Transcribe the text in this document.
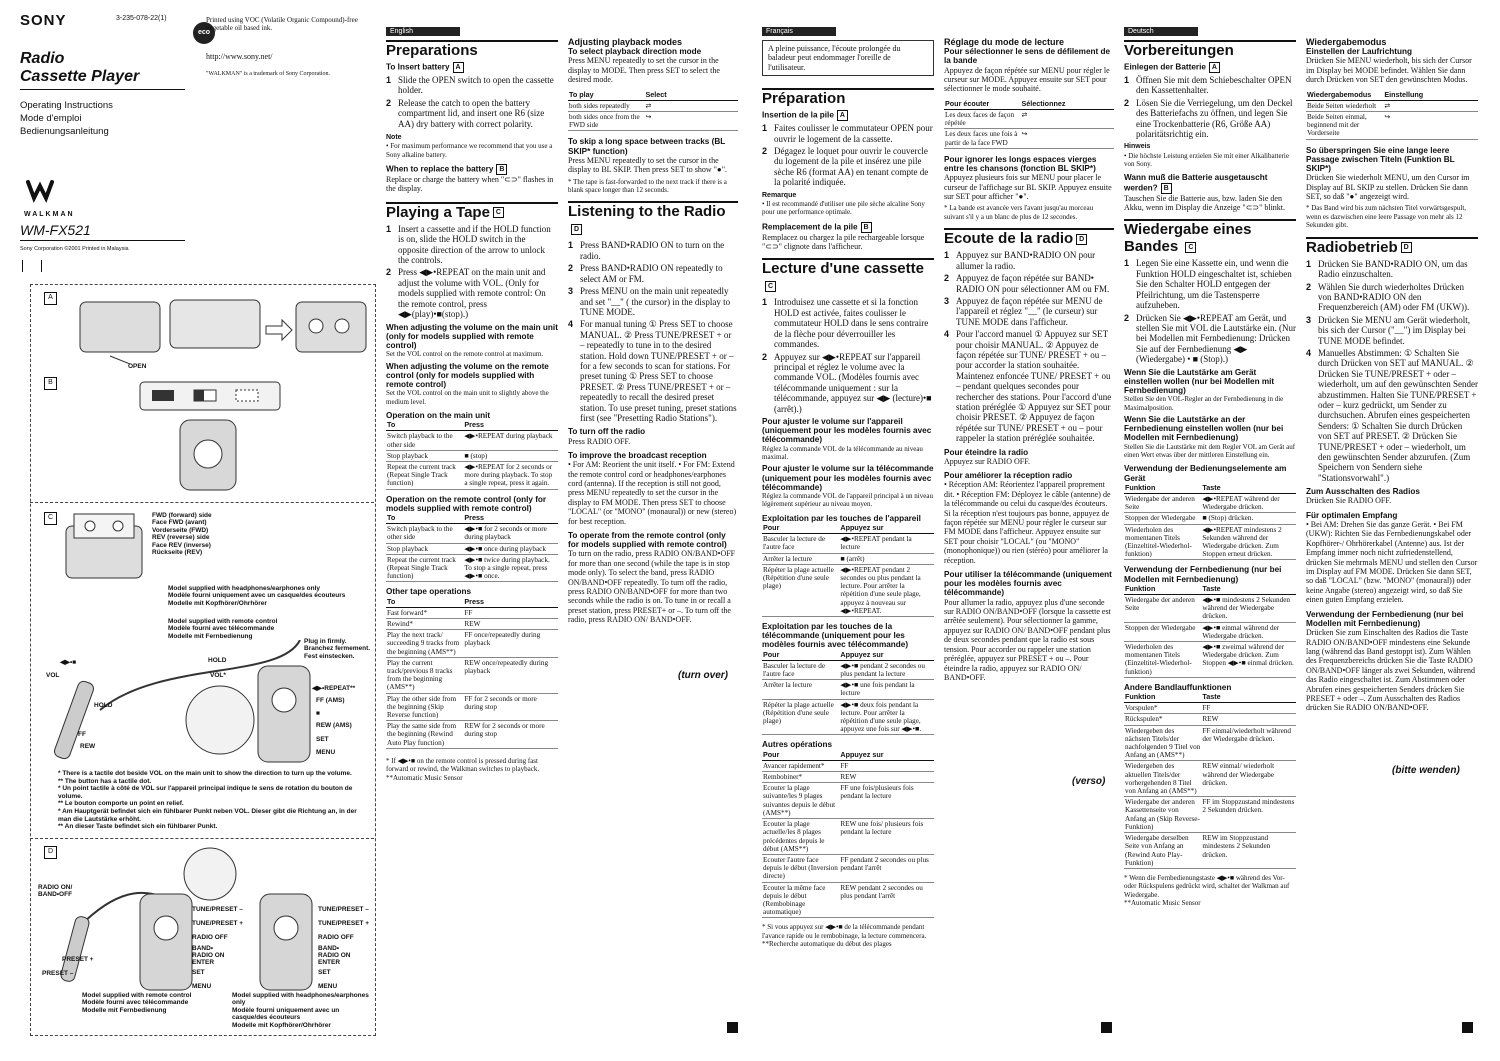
SONY	3-235-078-22(1)
eco
Printed using VOC (Volatile Organic Compound)-free vegetable oil based ink.
http://www.sony.net/
"WALKMAN" is a trademark of Sony Corporation.
Radio
Cassette Player
Operating Instructions
Mode d'emploi
Bedienungsanleitung
WALKMAN
WM-FX521
Sony Corporation ©2001 Printed in Malaysia
A
OPEN
B
C	FWD (forward) side
Face FWD (avant)
Vorderseite (FWD)
REV (reverse) side
Face REV (inverse)
Rückseite (REV)
Model supplied with headphones/earphones only
Modèle fourni uniquement avec un casque/des écouteurs
Modelle mit Kopfhörer/Ohrhörer
Model supplied with remote control
Modèle fourni avec télécommande
Modelle mit Fernbedienung
Plug in firmly.
Branchez fermement.
Fest einstecken.
HOLD
VOL*
VOL
HOLD
FF
REW
◀▶•REPEAT**
FF (AMS)
■
REW (AMS)
SET
MENU
◀▶•■
* There is a tactile dot beside VOL on the main unit to show the direction to turn up the volume.
** The button has a tactile dot.
* Un point tactile à côté de VOL sur l'appareil principal indique le sens de rotation du bouton de volume.
** Le bouton comporte un point en relief.
* Am Hauptgerät befindet sich ein fühlbarer Punkt neben VOL. Dieser gibt die Richtung an, in der man die Lautstärke erhöht.
** An dieser Taste befindet sich ein fühlbarer Punkt.
D
RADIO ON/ BAND•OFF
PRESET +
PRESET –
TUNE/PRESET –
TUNE/PRESET +
RADIO OFF
BAND• RADIO ON ENTER
SET
MENU
TUNE/PRESET –
TUNE/PRESET +
RADIO OFF
BAND• RADIO ON ENTER
SET
MENU
Model supplied with remote control
Modèle fourni avec télécommande
Modelle mit Fernbedienung
Model supplied with headphones/earphones only
Modèle fourni uniquement avec un casque/des écouteurs
Modelle mit Kopfhörer/Ohrhörer
English
Preparations
To Insert battery A
1 Slide the OPEN switch to open the cassette holder.
2 Release the catch to open the battery compartment lid, and insert one R6 (size AA) dry battery with correct polarity.
Note
• For maximum performance we recommend that you use a Sony alkaline battery.
When to replace the battery B
Replace or charge the battery when "⊂⊃" flashes in the display.
Playing a Tape C
1 Insert a cassette and if the HOLD function is on, slide the HOLD switch in the opposite direction of the arrow to unlock the controls.
2 Press ◀▶•REPEAT on the main unit and adjust the volume with VOL. (Only for models supplied with remote control: On the remote control, press ◀▶(play)•■(stop).)
When adjusting the volume on the main unit (only for models supplied with remote control)
Set the VOL control on the remote control at maximum.
When adjusting the volume on the remote control (only for models supplied with remote control)
Set the VOL control on the main unit to slightly above the medium level.
Operation on the main unit
To	Press
Switch playback to the other side	◀▶•REPEAT during playback
Stop playback	■ (stop)
Repeat the current track (Repeat Single Track function)	◀▶•REPEAT for 2 seconds or more during playback. To stop a single repeat, press it again.
Operation on the remote control (only for models supplied with remote control)
To	Press
Switch playback to the other side	◀▶•■ for 2 seconds or more during playback
Stop playback	◀▶•■ once during playback
Repeat the current track (Repeat Single Track function)	◀▶•■ twice during playback. To stop a single repeat, press ◀▶•■ once.
Other tape operations
To	Press
Fast forward*	FF
Rewind*	REW
Play the next track/ succeeding 9 tracks from the beginning (AMS**)	FF once/repeatedly during playback
Play the current track/previous 8 tracks from the beginning (AMS**)	REW once/repeatedly during playback
Play the other side from the beginning (Skip Reverse function)	FF for 2 seconds or more during stop
Play the same side from the beginning (Rewind Auto Play function)	REW for 2 seconds or more during stop
* If ◀▶•■ on the remote control is pressed during fast forward or rewind, the Walkman switches to playback.
**Automatic Music Sensor
Adjusting playback modes
To select playback direction mode
Press MENU repeatedly to set the cursor in the display to MODE. Then press SET to select the desired mode.
To play	Select
both sides repeatedly	⇄
both sides once from the FWD side	↪
To skip a long space between tracks (BL SKIP* function)
Press MENU repeatedly to set the cursor in the display to BL SKIP. Then press SET to show "●".
* The tape is fast-forwarded to the next track if there is a blank space longer than 12 seconds.
Listening to the RadioD
1 Press BAND•RADIO ON to turn on the radio.
2 Press BAND•RADIO ON repeatedly to select AM or FM.
3 Press MENU on the main unit repeatedly and set "__" ( the cursor) in the display to TUNE MODE.
4 For manual tuning ① Press SET to choose MANUAL. ② Press TUNE/PRESET + or – repeatedly to tune in to the desired station. Hold down TUNE/PRESET + or – for a few seconds to scan for stations. For preset tuning ① Press SET to choose PRESET. ② Press TUNE/PRESET + or – repeatedly to recall the desired preset station. To use preset tuning, preset stations first (see "Presetting Radio Stations").
To turn off the radio
Press RADIO OFF.
To improve the broadcast reception
• For AM: Reorient the unit itself. • For FM: Extend the remote control cord or headphones/earphones cord (antenna). If the reception is still not good, press MENU repeatedly to set the cursor in the display to FM MODE. Then press SET to choose "LOCAL" (or "MONO" (monaural)) or new (stereo) for best reception.
To operate from the remote control (only for models supplied with remote control)
To turn on the radio, press RADIO ON/BAND•OFF for more than one second (while the tape is in stop mode only). To select the band, press RADIO ON/BAND•OFF repeatedly. To turn off the radio, press RADIO ON/BAND•OFF for more than two seconds while the radio is on. To tune in or recall a preset station, press PRESET+ or –. To turn off the radio, press RADIO ON/ BAND•OFF.
(turn over)
Français
A pleine puissance, l'écoute prolongée du baladeur peut endommager l'oreille de l'utilisateur.
Préparation
Insertion de la pile A
1 Faites coulisser le commutateur OPEN pour ouvrir le logement de la cassette.
2 Dégagez le loquet pour ouvrir le couvercle du logement de la pile et insérez une pile sèche R6 (format AA) en tenant compte de la polarité indiquée.
Remarque
• Il est recommandé d'utiliser une pile sèche alcaline Sony pour une performance optimale.
Remplacement de la pile B
Remplacez ou chargez la pile rechargeable lorsque "⊂⊃" clignote dans l'afficheur.
Lecture d'une cassetteC
1 Introduisez une cassette et si la fonction HOLD est activée, faites coulisser le commutateur HOLD dans le sens contraire de la flèche pour déverrouiller les commandes.
2 Appuyez sur ◀▶•REPEAT sur l'appareil principal et réglez le volume avec la commande VOL. (Modèles fournis avec télécommande uniquement : sur la télécommande, appuyez sur ◀▶ (lecture)•■ (arrêt).)
Pour ajuster le volume sur l'appareil (uniquement pour les modèles fournis avec télécommande)
Réglez la commande VOL de la télécommande au niveau maximal.
Pour ajuster le volume sur la télécommande (uniquement pour les modèles fournis avec télécommande)
Réglez la commande VOL de l'appareil principal à un niveau légèrement supérieur au niveau moyen.
Exploitation par les touches de l'appareil
Pour	Appuyez sur
Basculer la lecture de l'autre face	◀▶•REPEAT pendant la lecture
Arrêter la lecture	■ (arrêt)
Répéter la plage actuelle (Répétition d'une seule plage)	◀▶•REPEAT pendant 2 secondes ou plus pendant la lecture. Pour arrêter la répétition d'une seule plage, appuyez à nouveau sur ◀▶•REPEAT.
Exploitation par les touches de la télécommande (uniquement pour les modèles fournis avec télécommande)
Pour	Appuyez sur
Basculer la lecture de l'autre face	◀▶•■ pendant 2 secondes ou plus pendant la lecture
Arrêter la lecture	◀▶•■ une fois pendant la lecture
Répéter la plage actuelle (Répétition d'une seule plage)	◀▶•■ deux fois pendant la lecture. Pour arrêter la répétition d'une seule plage, appuyez une fois sur ◀▶•■.
Autres opérations
Pour	Appuyez sur
Avancer rapidement*	FF
Rembobiner*	REW
Ecouter la plage suivante/les 9 plages suivantes depuis le début (AMS**)	FF une fois/plusieurs fois pendant la lecture
Ecouter la plage actuelle/les 8 plages précédentes depuis le début (AMS**)	REW une fois/ plusieurs fois pendant la lecture
Ecouter l'autre face depuis le début (Inversion directe)	FF pendant 2 secondes ou plus pendant l'arrêt
Ecouter la même face depuis le début (Rembobinage automatique)	REW pendant 2 secondes ou plus pendant l'arrêt
* Si vous appuyez sur ◀▶•■ de la télécommande pendant l'avance rapide ou le rembobinage, la lecture commencera.
**Recherche automatique du début des plages
Réglage du mode de lecture
Pour sélectionner le sens de défilement de la bande
Appuyez de façon répétée sur MENU pour régler le curseur sur MODE. Appuyez ensuite sur SET pour sélectionner le mode souhaité.
Pour écouter	Sélectionnez
Les deux faces de façon répétée	⇄
Les deux faces une fois à partir de la face FWD	↪
Pour ignorer les longs espaces vierges entre les chansons (fonction BL SKIP*)
Appuyez plusieurs fois sur MENU pour placer le curseur de l'affichage sur BL SKIP. Appuyez ensuite sur SET pour afficher "●".
* La bande est avancée vers l'avant jusqu'au morceau suivant s'il y a un blanc de plus de 12 secondes.
Ecoute de la radio D
1 Appuyez sur BAND•RADIO ON pour allumer la radio.
2 Appuyez de façon répétée sur BAND• RADIO ON pour sélectionner AM ou FM.
3 Appuyez de façon répétée sur MENU de l'appareil et réglez "__" (le curseur) sur TUNE MODE dans l'afficheur.
4 Pour l'accord manuel ① Appuyez sur SET pour choisir MANUAL. ② Appuyez de façon répétée sur TUNE/ PRESET + ou – pour accorder la station souhaitée. Maintenez enfoncée TUNE/ PRESET + ou – pendant quelques secondes pour rechercher des stations. Pour l'accord d'une station préréglée ① Appuyez sur SET pour choisir PRESET. ② Appuyez de façon répétée sur TUNE/ PRESET + ou – pour rappeler la station préréglée souhaitée.
Pour éteindre la radio
Appuyez sur RADIO OFF.
Pour améliorer la réception radio
• Réception AM: Réorientez l'appareil proprement dit. • Réception FM: Déployez le câble (antenne) de la télécommande ou celui du casque/des écouteurs. Si la réception n'est toujours pas bonne, appuyez de façon répétée sur MENU pour régler le curseur sur FM MODE dans l'afficheur. Appuyez ensuite sur SET pour choisir "LOCAL" (ou "MONO" (monophonique)) ou rien (stéréo) pour améliorer la réception.
Pour utiliser la télécommande (uniquement pour les modèles fournis avec télécommande)
Pour allumer la radio, appuyez plus d'une seconde sur RADIO ON/BAND•OFF (lorsque la cassette est arrêtée seulement). Pour sélectionner la gamme, appuyez sur RADIO ON/ BAND•OFF pendant plus de deux secondes pendant que la radio est sous tension. Pour accorder ou rappeler une station préréglée, appuyez sur PRESET + ou –. Pour éteindre la radio, appuyez sur RADIO ON/ BAND•OFF.
(verso)
Deutsch
Vorbereitungen
Einlegen der Batterie A
1 Öffnen Sie mit dem Schiebeschalter OPEN den Kassettenhalter.
2 Lösen Sie die Verriegelung, um den Deckel des Batteriefachs zu öffnen, und legen Sie eine Trockenbatterie (R6, Größe AA) polaritätsrichtig ein.
Hinweis
• Die höchste Leistung erzielen Sie mit einer Alkalibatterie von Sony.
Wann muß die Batterie ausgetauscht werden? B
Tauschen Sie die Batterie aus, bzw. laden Sie den Akku, wenn im Display die Anzeige "⊂⊃" blinkt.
Wiedergabe eines Bandes C
1 Legen Sie eine Kassette ein, und wenn die Funktion HOLD eingeschaltet ist, schieben Sie den Schalter HOLD entgegen der Pfeilrichtung, um die Tastensperre aufzuheben.
2 Drücken Sie ◀▶•REPEAT am Gerät, und stellen Sie mit VOL die Lautstärke ein. (Nur bei Modellen mit Fernbedienung: Drücken Sie auf der Fernbedienung ◀▶ (Wiedergabe) • ■ (Stop).)
Wenn Sie die Lautstärke am Gerät einstellen wollen (nur bei Modellen mit Fernbedienung)
Stellen Sie den VOL-Regler an der Fernbedienung in die Maximalposition.
Wenn Sie die Lautstärke an der Fernbedienung einstellen wollen (nur bei Modellen mit Fernbedienung)
Stellen Sie die Lautstärke mit dem Regler VOL am Gerät auf einen Wert etwas über der mittleren Einstellung ein.
Verwendung der Bedienungselemente am Gerät
Funktion	Taste
Wiedergabe der anderen Seite	◀▶•REPEAT während der Wiedergabe drücken.
Stoppen der Wiedergabe	■ (Stop) drücken.
Wiederholen des momentanen Titels (Einzeltitel-Wiederhol-funktion)	◀▶•REPEAT mindestens 2 Sekunden während der Wiedergabe drücken. Zum Stoppen erneut drücken.
Verwendung der Fernbedienung (nur bei Modellen mit Fernbedienung)
Funktion	Taste
Wiedergabe der anderen Seite	◀▶•■ mindestens 2 Sekunden während der Wiedergabe drücken.
Stoppen der Wiedergabe	◀▶•■ einmal während der Wiedergabe drücken.
Wiederholen des momentanen Titels (Einzeltitel-Wiederhol-funktion)	◀▶•■ zweimal während der Wiedergabe drücken. Zum Stoppen ◀▶•■ einmal drücken.
Andere Bandlauffunktionen
Funktion	Taste
Vorspulen*	FF
Rückspulen*	REW
Wiedergeben des nächsten Titels/der nachfolgenden 9 Titel von Anfang an (AMS**)	FF einmal/wiederholt während der Wiedergabe drücken.
Wiedergeben des aktuellen Titels/der vorhergehenden 8 Titel von Anfang an (AMS**)	REW einmal/ wiederholt während der Wiedergabe drücken.
Wiedergabe der anderen Kassettenseite von Anfang an (Skip Reverse-Funktion)	FF im Stoppzustand mindestens 2 Sekunden drücken.
Wiedergabe derselben Seite von Anfang an (Rewind Auto Play-Funktion)	REW im Stoppzustand mindestens 2 Sekunden drücken.
* Wenn die Fernbedienungstaste ◀▶•■ während des Vor- oder Rückspulens gedrückt wird, schaltet der Walkman auf Wiedergabe.
**Automatic Music Sensor
Wiedergabemodus
Einstellen der Laufrichtung
Drücken Sie MENU wiederholt, bis sich der Cursor im Display bei MODE befindet. Wählen Sie dann durch Drücken von SET den gewünschten Modus.
Wiedergabemodus	Einstellung
Beide Seiten wiederholt	⇄
Beide Seiten einmal, beginnend mit der Vorderseite	↪
So überspringen Sie eine lange leere Passage zwischen Titeln (Funktion BL SKIP*)
Drücken Sie wiederholt MENU, um den Cursor im Display auf BL SKIP zu stellen. Drücken Sie dann SET, so daß "●" angezeigt wird.
* Das Band wird bis zum nächsten Titel vorwärtsgespult, wenn es dazwischen eine leere Passage von mehr als 12 Sekunden gibt.
Radiobetrieb D
1 Drücken Sie BAND•RADIO ON, um das Radio einzuschalten.
2 Wählen Sie durch wiederholtes Drücken von BAND•RADIO ON den Frequenzbereich (AM) oder FM (UKW)).
3 Drücken Sie MENU am Gerät wiederholt, bis sich der Cursor ("__") im Display bei TUNE MODE befindet.
4 Manuelles Abstimmen: ① Schalten Sie durch Drücken von SET auf MANUAL. ② Drücken Sie TUNE/PRESET + oder – wiederholt, um auf den gewünschten Sender abzustimmen. Halten Sie TUNE/PRESET + oder – kurz gedrückt, um Sender zu durchsuchen. Abrufen eines gespeicherten Senders: ① Schalten Sie durch Drücken von SET auf PRESET. ② Drücken Sie TUNE/PRESET + oder – wiederholt, um den gewünschten Sender abzurufen. (Zum Speichern von Sendern siehe "Stationsvorwahl".)
Zum Ausschalten des Radios
Drücken Sie RADIO OFF.
Für optimalen Empfang
• Bei AM: Drehen Sie das ganze Gerät. • Bei FM (UKW): Richten Sie das Fernbedienungskabel oder Kopfhörer-/ Ohrhörerkabel (Antenne) aus. Ist der Empfang immer noch nicht zufriedenstellend, drücken Sie mehrmals MENU und stellen den Cursor im Display auf FM MODE. Drücken Sie dann SET, so daß "LOCAL" (bzw. "MONO" (monaural)) oder keine Angabe (stereo) angezeigt wird, so daß Sie einen guten Empfang erzielen.
Verwendung der Fernbedienung (nur bei Modellen mit Fernbedienung)
Drücken Sie zum Einschalten des Radios die Taste RADIO ON/BAND•OFF mindestens eine Sekunde lang (während das Band gestoppt ist). Zum Wählen des Frequenzbereichs drücken Sie die Taste RADIO ON/BAND•OFF länger als zwei Sekunden, während das Radio eingeschaltet ist. Zum Abstimmen oder Abrufen eines gespeicherten Senders drücken Sie PRESET + oder –. Zum Ausschalten des Radios drücken Sie RADIO ON/BAND•OFF.
(bitte wenden)
